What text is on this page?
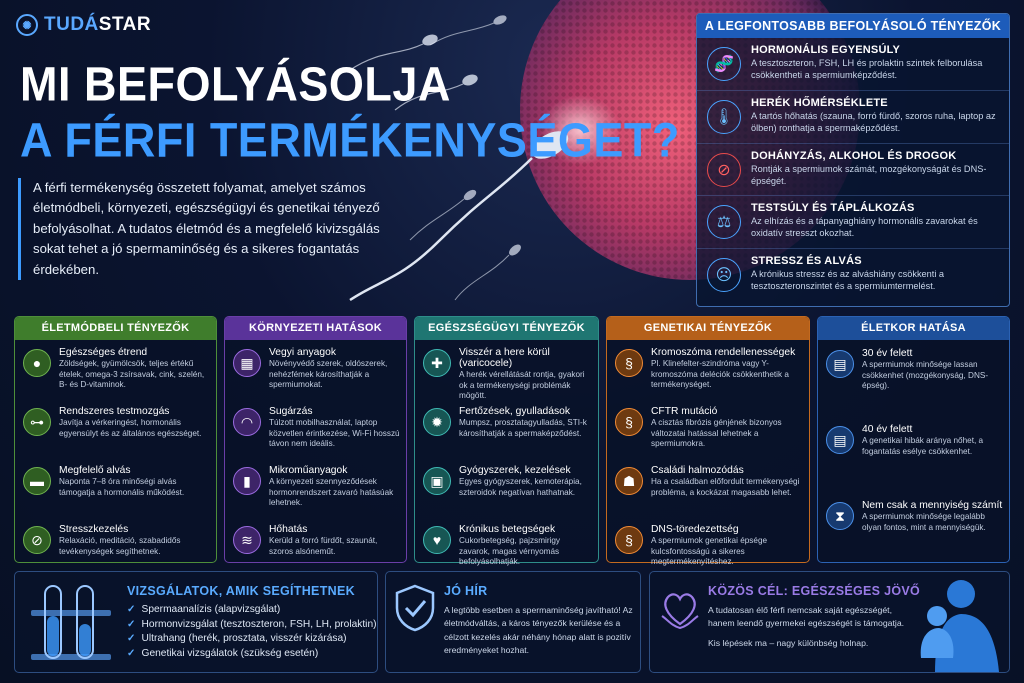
✺ TUDÁSTAR
MI BEFOLYÁSOLJA
A FÉRFI TERMÉKENYSÉGET?
A férfi termékenység összetett folyamat, amelyet számos életmódbeli, környezeti, egészségügyi és genetikai tényező befolyásolhat. A tudatos életmód és a megfelelő kivizsgálás sokat tehet a jó spermaminőség és a sikeres fogantatás érdekében.
A LEGFONTOSABB BEFOLYÁSOLÓ TÉNYEZŐK
🧬
HORMONÁLIS EGYENSÚLY
A tesztoszteron, FSH, LH és prolaktin szintek felborulása csökkentheti a spermiumképződést.
🌡
HERÉK HŐMÉRSÉKLETE
A tartós hőhatás (szauna, forró fürdő, szoros ruha, laptop az ölben) ronthatja a spermaképződést.
⊘
DOHÁNYZÁS, ALKOHOL ÉS DROGOK
Rontják a spermiumok számát, mozgékonyságát és DNS-épségét.
⚖
TESTSÚLY ÉS TÁPLÁLKOZÁS
Az elhízás és a tápanyaghiány hormonális zavarokat és oxidatív stresszt okozhat.
☹
STRESSZ ÉS ALVÁS
A krónikus stressz és az alváshiány csökkenti a tesztoszteronszintet és a spermiumtermelést.
ÉLETMÓDBELI TÉNYEZŐK
●
Egészséges étrend
Zöldségek, gyümölcsök, teljes értékű ételek, omega-3 zsírsavak, cink, szelén, B- és D-vitaminok.
⊶
Rendszeres testmozgás
Javítja a vérkeringést, hormonális egyensúlyt és az általános egészséget.
▬
Megfelelő alvás
Naponta 7–8 óra minőségi alvás támogatja a hormonális működést.
⊘
Stresszkezelés
Relaxáció, meditáció, szabadidős tevékenységek segíthetnek.
KÖRNYEZETI HATÁSOK
▦
Vegyi anyagok
Növényvédő szerek, oldószerek, nehézfémek károsíthatják a spermiumokat.
◠
Sugárzás
Túlzott mobilhasználat, laptop közvetlen érintkezése, Wi-Fi hosszú távon nem ideális.
▮
Mikroműanyagok
A környezeti szennyeződések hormonrendszert zavaró hatásúak lehetnek.
≋
Hőhatás
Kerüld a forró fürdőt, szaunát, szoros alsóneműt.
EGÉSZSÉGÜGYI TÉNYEZŐK
✚
Visszér a here körül (varicocele)
A herék vérellátását rontja, gyakori ok a termékenységi problémák mögött.
✹
Fertőzések, gyulladások
Mumpsz, prosztatagyulladás, STI-k károsíthatják a spermaképződést.
▣
Gyógyszerek, kezelések
Egyes gyógyszerek, kemoterápia, szteroidok negatívan hathatnak.
♥
Krónikus betegségek
Cukorbetegség, pajzsmirigy zavarok, magas vérnyomás befolyásolhatják.
GENETIKAI TÉNYEZŐK
§
Kromoszóma rendellenességek
Pl. Klinefelter-szindróma vagy Y-kromoszóma deléciók csökkenthetik a termékenységet.
§
CFTR mutáció
A cisztás fibrózis génjének bizonyos változatai hatással lehetnek a spermiumokra.
☗
Családi halmozódás
Ha a családban előfordult termékenységi probléma, a kockázat magasabb lehet.
§
DNS-töredezettség
A spermiumok genetikai épsége kulcsfontosságú a sikeres megtermékenyítéshez.
ÉLETKOR HATÁSA
▤
30 év felett
A spermiumok minősége lassan csökkenhet (mozgékonyság, DNS-épség).
▤
40 év felett
A genetikai hibák aránya nőhet, a fogantatás esélye csökkenhet.
⧗
Nem csak a mennyiség számít
A spermiumok minősége legalább olyan fontos, mint a mennyiségük.
VIZSGÁLATOK, AMIK SEGÍTHETNEK
✓ Spermaanalízis (alapvizsgálat)
✓ Hormonvizsgálat (tesztoszteron, FSH, LH, prolaktin)
✓ Ultrahang (herék, prosztata, visszér kizárása)
✓ Genetikai vizsgálatok (szükség esetén)
JÓ HÍR
A legtöbb esetben a spermaminőség javítható! Az életmódváltás, a káros tényezők kerülése és a célzott kezelés akár néhány hónap alatt is pozitív eredményeket hozhat.
KÖZÖS CÉL: EGÉSZSÉGES JÖVŐ
A tudatosan élő férfi nemcsak saját egészségét, hanem leendő gyermekei egészségét is támogatja.
Kis lépések ma – nagy különbség holnap.
